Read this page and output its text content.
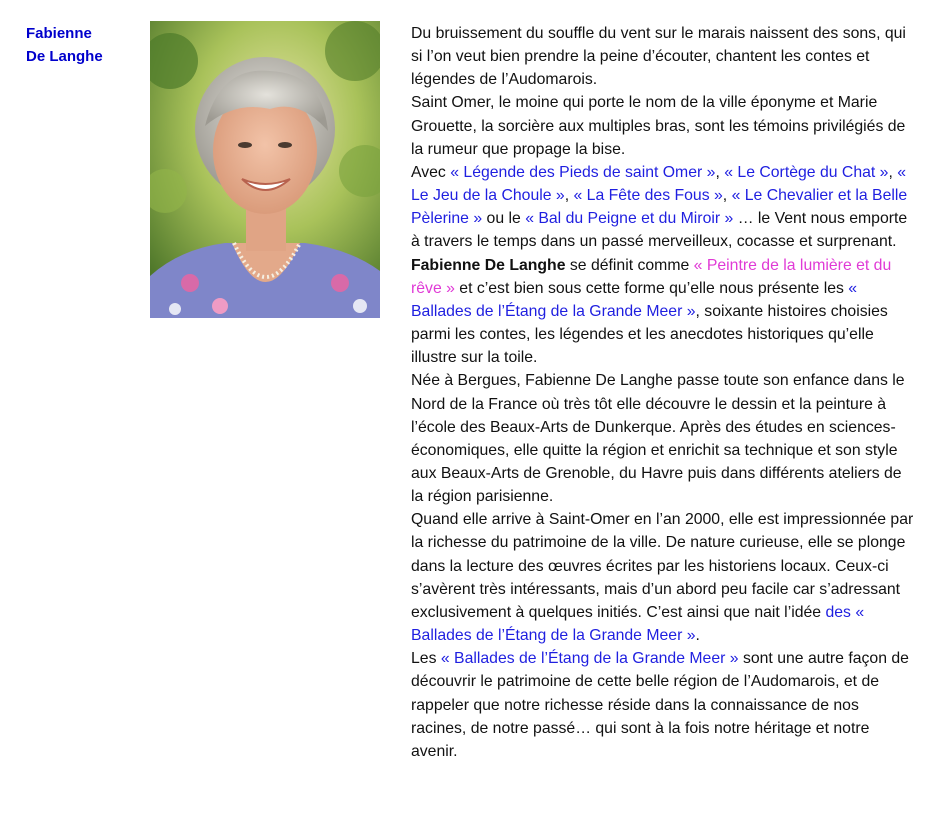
Fabienne
De Langhe

Du bruissement du souffle du vent sur le marais naissent des sons, qui si l’on veut bien prendre la peine d’écouter, chantent les contes et légendes de l’Audomarois.

Saint Omer, le moine qui porte le nom de la ville éponyme et Marie Grouette, la sorcière aux multiples bras, sont les témoins privilégiés de la rumeur que propage la bise.

Avec « Légende des Pieds de saint Omer », « Le Cortège du Chat », « Le Jeu de la Choule », « La Fête des Fous », « Le Chevalier et la Belle Pèlerine » ou le « Bal du Peigne et du Miroir » … le Vent nous emporte à travers le temps dans un passé merveilleux, cocasse et surprenant.

Fabienne De Langhe se définit comme « Peintre de la lumière et du rêve » et c’est bien sous cette forme qu’elle nous présente les « Ballades de l’Étang de la Grande Meer », soixante histoires choisies parmi les contes, les légendes et les anecdotes historiques qu’elle illustre sur la toile.

Née à Bergues, Fabienne De Langhe passe toute son enfance dans le Nord de la France où très tôt elle découvre le dessin et la peinture à l’école des Beaux-Arts de Dunkerque. Après des études en sciences-économiques, elle quitte la région et enrichit sa technique et son style aux Beaux-Arts de Grenoble, du Havre puis dans différents ateliers de la région parisienne.

Quand elle arrive à Saint-Omer en l’an 2000, elle est impressionnée par la richesse du patrimoine de la ville. De nature curieuse, elle se plonge dans la lecture des œuvres écrites par les historiens locaux. Ceux-ci s’avèrent très intéressants, mais d’un abord peu facile car s’adressant exclusivement à quelques initiés. C’est ainsi que nait l’idée des « Ballades de l’Étang de la Grande Meer ».

Les « Ballades de l’Étang de la Grande Meer » sont une autre façon de découvrir le patrimoine de cette belle région de l’Audomarois, et de rappeler que notre richesse réside dans la connaissance de nos racines, de notre passé… qui sont à la fois notre héritage et notre avenir.
